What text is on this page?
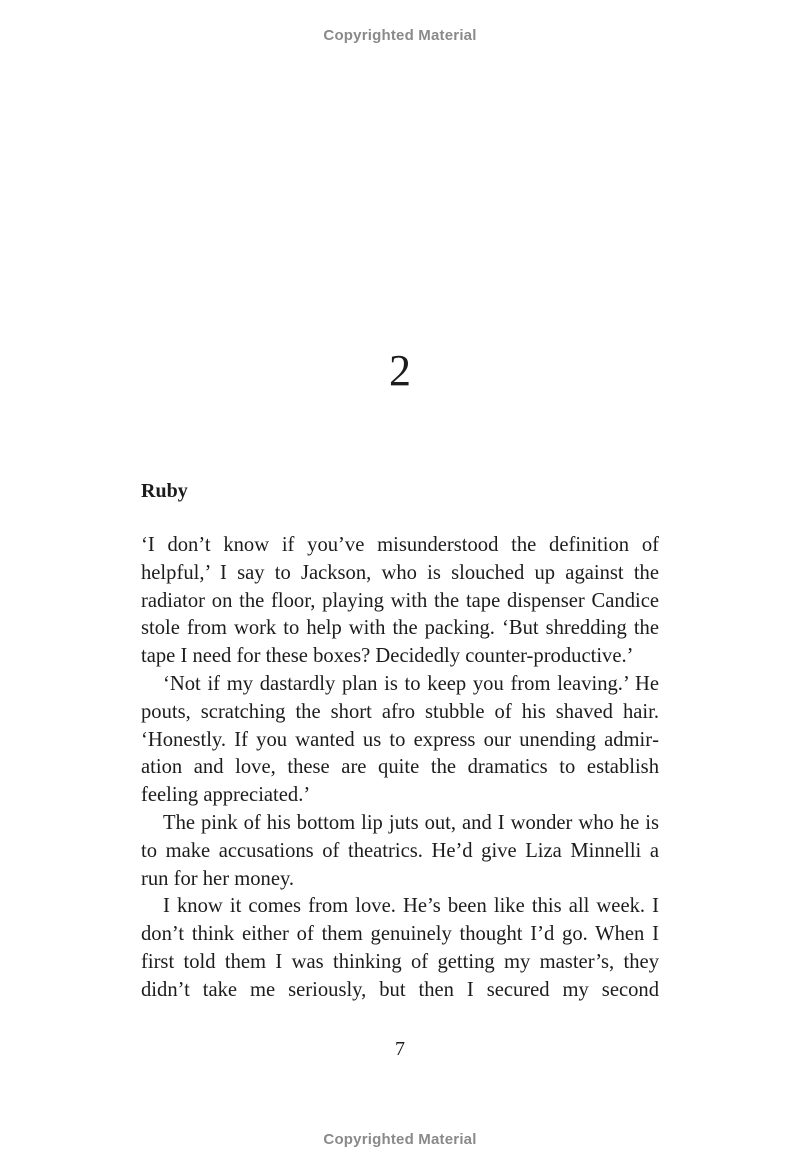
Copyrighted Material
2
Ruby

‘I don’t know if you’ve misunderstood the definition of helpful,’ I say to Jackson, who is slouched up against the radiator on the floor, playing with the tape dispenser Candice stole from work to help with the packing. ‘But shredding the tape I need for these boxes? Decidedly counter-productive.’

‘Not if my dastardly plan is to keep you from leaving.’ He pouts, scratching the short afro stubble of his shaved hair. ‘Honestly. If you wanted us to express our unending admiration and love, these are quite the dramatics to establish feeling appreciated.’

The pink of his bottom lip juts out, and I wonder who he is to make accusations of theatrics. He’d give Liza Minnelli a run for her money.

I know it comes from love. He’s been like this all week. I don’t think either of them genuinely thought I’d go. When I first told them I was thinking of getting my master’s, they didn’t take me seriously, but then I secured my second

7
Copyrighted Material
